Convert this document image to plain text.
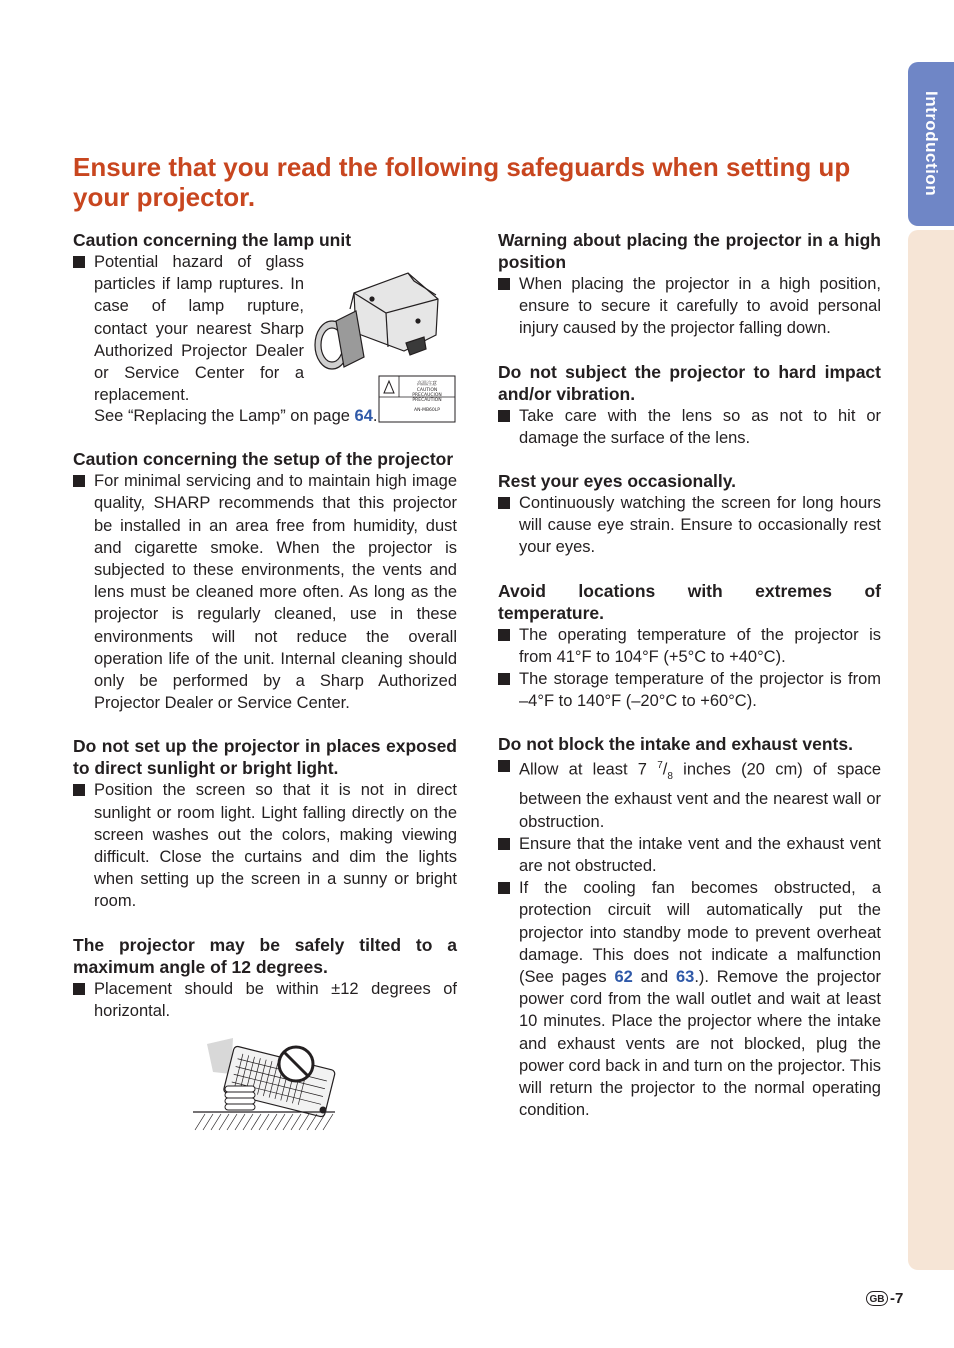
Introduction
Ensure that you read the following safeguards when setting up your projector.

Caution concerning the lamp unit

Potential hazard of glass particles if lamp ruptures. In case of lamp rupture, contact your nearest Sharp Authorized Projector Dealer or Service Center for a replacement.
高温注意
CAUTION
PRECAUCION
PRECAUTION
AN-MB60LP
See “Replacing the Lamp” on page 64.

Caution concerning the setup of the projector

For minimal servicing and to maintain high image quality, SHARP recommends that this projector be installed in an area free from humidity, dust and cigarette smoke. When the projector is subjected to these environments, the vents and lens must be cleaned more often. As long as the projector is regularly cleaned, use in these environments will not reduce the overall operation life of the unit. Internal cleaning should only be performed by a Sharp Authorized Projector Dealer or Service Center.

Do not set up the projector in places exposed to direct sunlight or bright light.

Position the screen so that it is not in direct sunlight or room light. Light falling directly on the screen washes out the colors, making viewing difficult. Close the curtains and dim the lights when setting up the screen in a sunny or bright room.

The projector may be safely tilted to a maximum angle of 12 degrees.

Placement should be within ±12 degrees of horizontal.

Warning about placing the projector in a high position

When placing the projector in a high position, ensure to secure it carefully to avoid personal injury caused by the projector falling down.

Do not subject the projector to hard impact and/or vibration.

Take care with the lens so as not to hit or damage the surface of the lens.

Rest your eyes occasionally.

Continuously watching the screen for long hours will cause eye strain. Ensure to occasionally rest your eyes.

Avoid locations with extremes of temperature.

The operating temperature of the projector is from 41°F to 104°F (+5°C to +40°C).
The storage temperature of the projector is from –4°F to 140°F (–20°C to +60°C).

Do not block the intake and exhaust vents.

Allow at least 7 $^7/_8$ inches (20 cm) of space between the exhaust vent and the nearest wall or obstruction.
Ensure that the intake vent and the exhaust vent are not obstructed.
If the cooling fan becomes obstructed, a protection circuit will automatically put the projector into standby mode to prevent overheat damage. This does not indicate a malfunction (See pages 62 and 63.). Remove the projector power cord from the wall outlet and wait at least 10 minutes. Place the projector where the intake and exhaust vents are not blocked, plug the power cord back in and turn on the projector. This will return the projector to the normal operating condition.
GB -7
